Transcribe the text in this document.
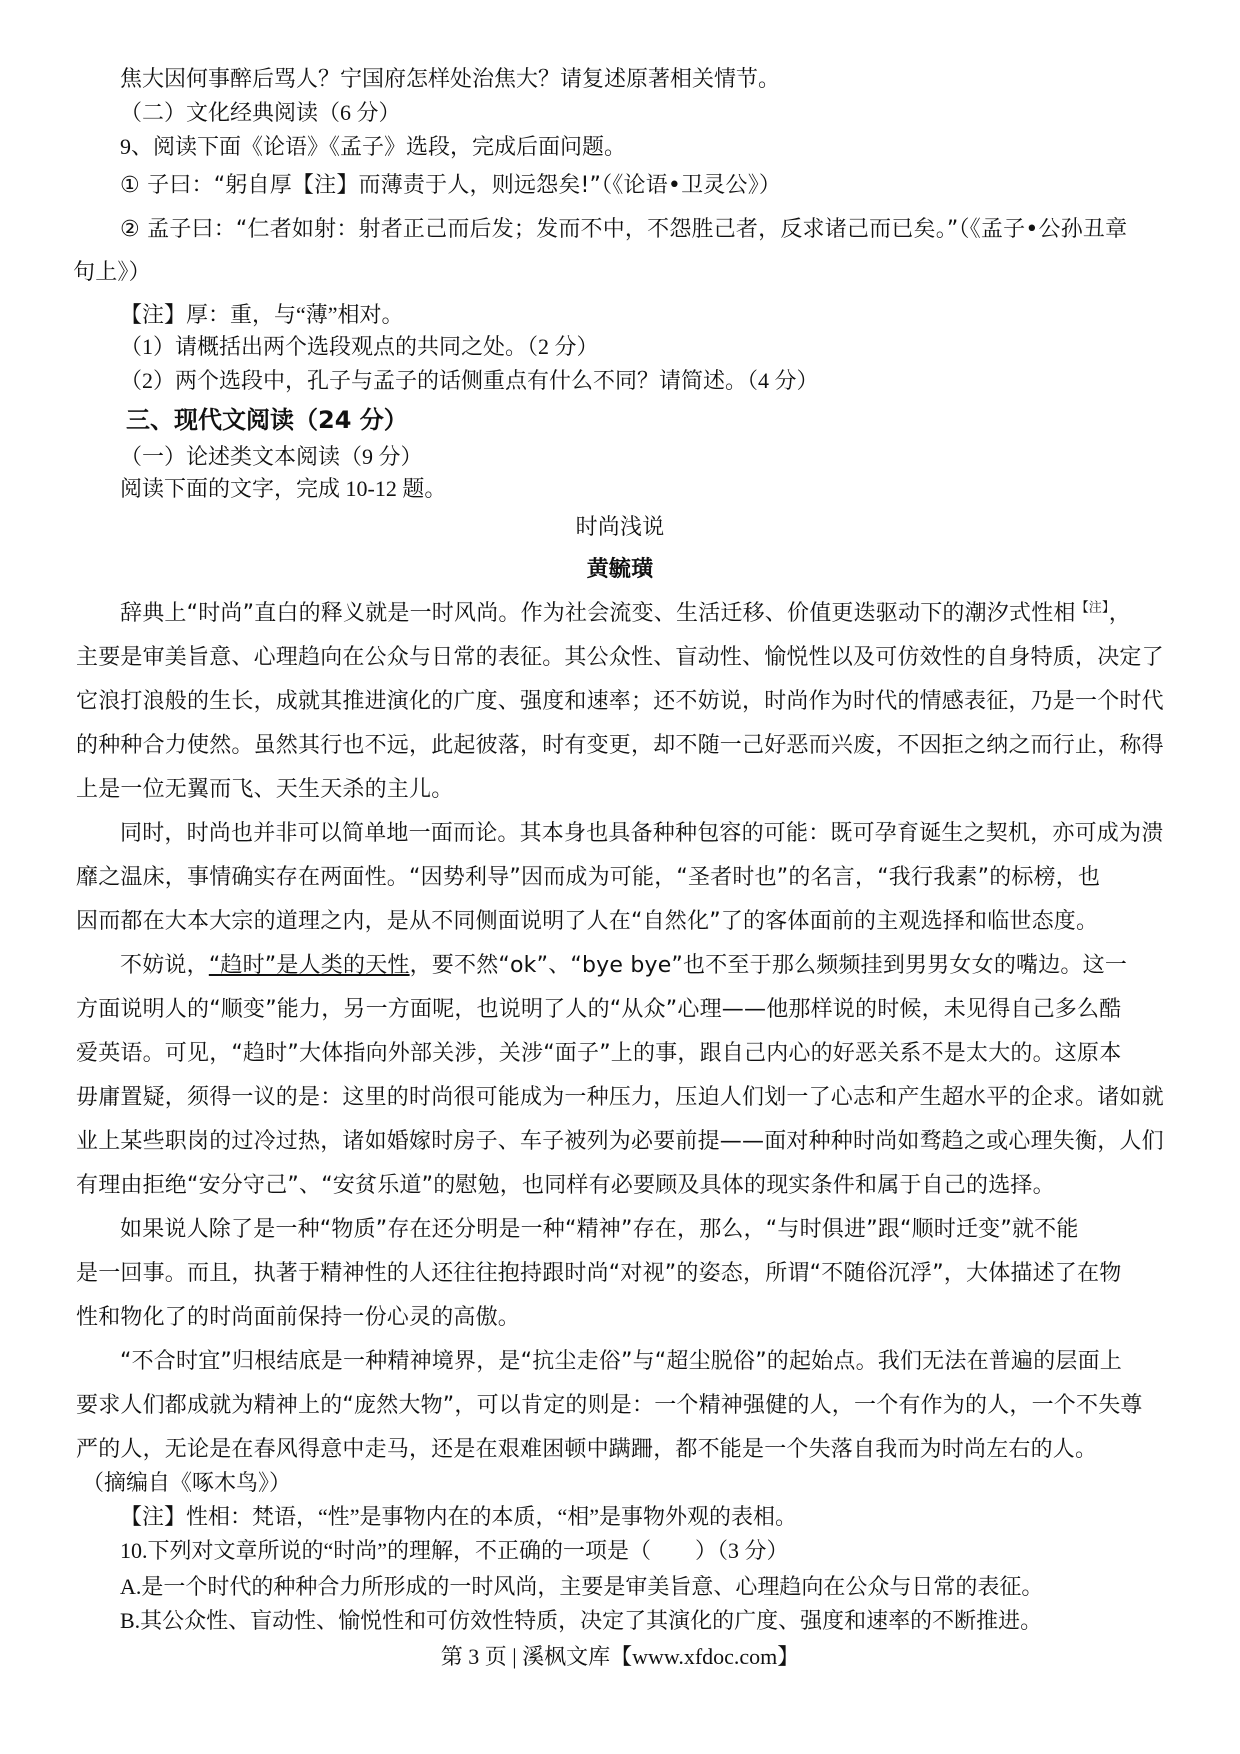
焦大因何事醉后骂人？宁国府怎样处治焦大？请复述原著相关情节。
（二）文化经典阅读（6 分）
9、阅读下面《论语》《孟子》选段，完成后面问题。
① 子曰：“躬自厚【注】而薄责于人，则远怨矣!”（《论语•卫灵公》）
② 孟子曰：“仁者如射：射者正己而后发；发而不中，不怨胜己者，反求诸己而已矣。”（《孟子•公孙丑章
句上》）
【注】厚：重，与“薄”相对。
（1）请概括出两个选段观点的共同之处。（2 分）
（2）两个选段中，孔子与孟子的话侧重点有什么不同？请简述。（4 分）
三、现代文阅读（24 分）
（一）论述类文本阅读（9 分）
阅读下面的文字，完成 10-12 题。
时尚浅说
黄毓璜
辞典上“时尚”直白的释义就是一时风尚。作为社会流变、生活迁移、价值更迭驱动下的潮汐式性相$^{【注】}$，
主要是审美旨意、心理趋向在公众与日常的表征。其公众性、盲动性、愉悦性以及可仿效性的自身特质，决定了
它浪打浪般的生长，成就其推进演化的广度、强度和速率；还不妨说，时尚作为时代的情感表征，乃是一个时代
的种种合力使然。虽然其行也不远，此起彼落，时有变更，却不随一己好恶而兴废，不因拒之纳之而行止，称得
上是一位无翼而飞、天生天杀的主儿。
同时，时尚也并非可以简单地一面而论。其本身也具备种种包容的可能：既可孕育诞生之契机，亦可成为溃
靡之温床，事情确实存在两面性。“因势利导”因而成为可能，“圣者时也”的名言，“我行我素”的标榜，也
因而都在大本大宗的道理之内，是从不同侧面说明了人在“自然化”了的客体面前的主观选择和临世态度。
不妨说，“趋时”是人类的天性，要不然“ok”、“bye bye”也不至于那么频频挂到男男女女的嘴边。这一
方面说明人的“顺变”能力，另一方面呢，也说明了人的“从众”心理——他那样说的时候，未见得自己多么酷
爱英语。可见，“趋时”大体指向外部关涉，关涉“面子”上的事，跟自己内心的好恶关系不是太大的。这原本
毋庸置疑，须得一议的是：这里的时尚很可能成为一种压力，压迫人们划一了心志和产生超水平的企求。诸如就
业上某些职岗的过冷过热，诸如婚嫁时房子、车子被列为必要前提——面对种种时尚如骛趋之或心理失衡，人们
有理由拒绝“安分守己”、“安贫乐道”的慰勉，也同样有必要顾及具体的现实条件和属于自己的选择。
如果说人除了是一种“物质”存在还分明是一种“精神”存在，那么，“与时俱进”跟“顺时迁变”就不能
是一回事。而且，执著于精神性的人还往往抱持跟时尚“对视”的姿态，所谓“不随俗沉浮”，大体描述了在物
性和物化了的时尚面前保持一份心灵的高傲。
“不合时宜”归根结底是一种精神境界，是“抗尘走俗”与“超尘脱俗”的起始点。我们无法在普遍的层面上
要求人们都成就为精神上的“庞然大物”，可以肯定的则是：一个精神强健的人，一个有作为的人，一个不失尊
严的人，无论是在春风得意中走马，还是在艰难困顿中蹒跚，都不能是一个失落自我而为时尚左右的人。
（摘编自《啄木鸟》）
【注】性相：梵语，“性”是事物内在的本质，“相”是事物外观的表相。
10.下列对文章所说的“时尚”的理解，不正确的一项是（　　）（3 分）
A.是一个时代的种种合力所形成的一时风尚，主要是审美旨意、心理趋向在公众与日常的表征。
B.其公众性、盲动性、愉悦性和可仿效性特质，决定了其演化的广度、强度和速率的不断推进。
第 3 页 | 溪枫文库【www.xfdoc.com】
